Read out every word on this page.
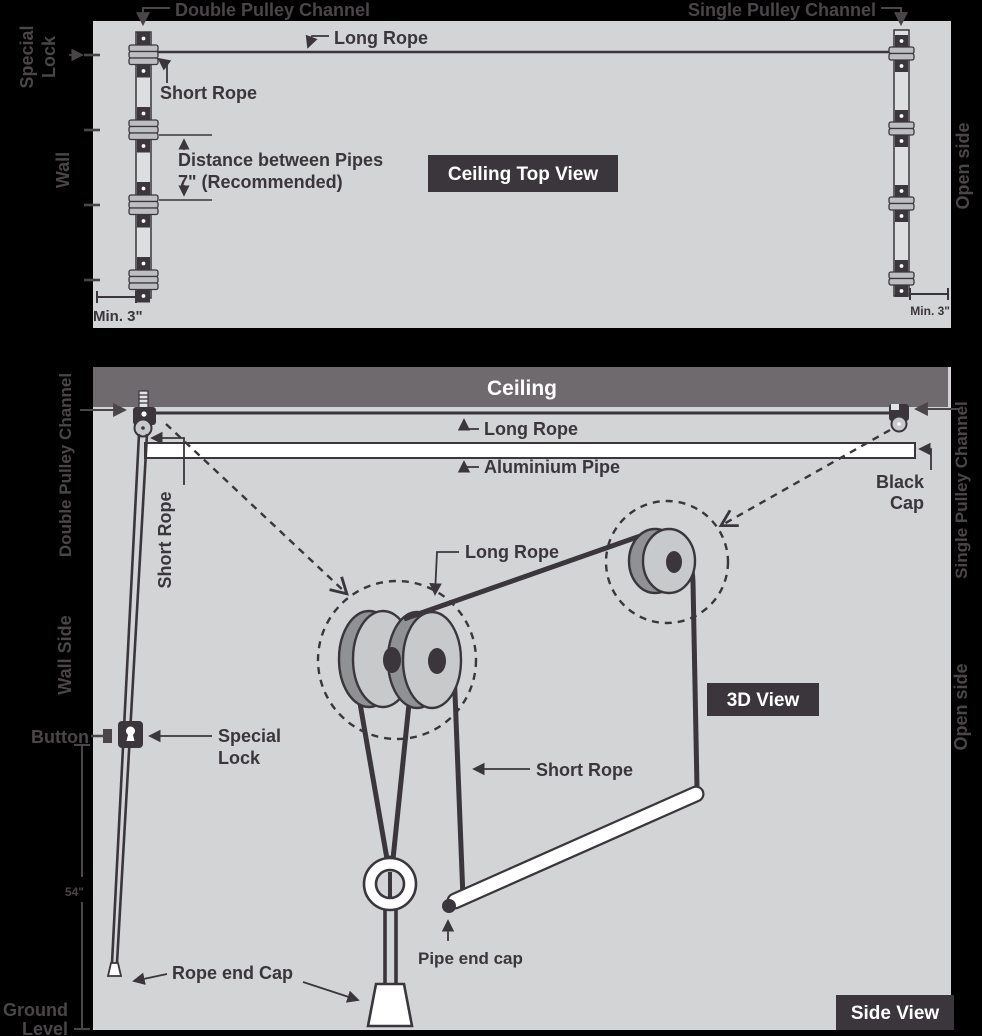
Distance between Pipes
7" (Recommended)
Min. 3"	Min. 3"
Long Rope
Short Rope
Ceiling Top View
Double Pulley Channel	Single Pulley Channel
Special Lock
Wall	Open side
Ceiling
Long Rope
Aluminium Pipe
Black
Cap
Short Rope	Long Rope
Short Rope
Special
Lock
Rope end Cap
Pipe end cap
3D View
Side View
Double Pulley Channel
Wall Side
Single Pulley Channel
Open side
Button
54"
Ground
Level
